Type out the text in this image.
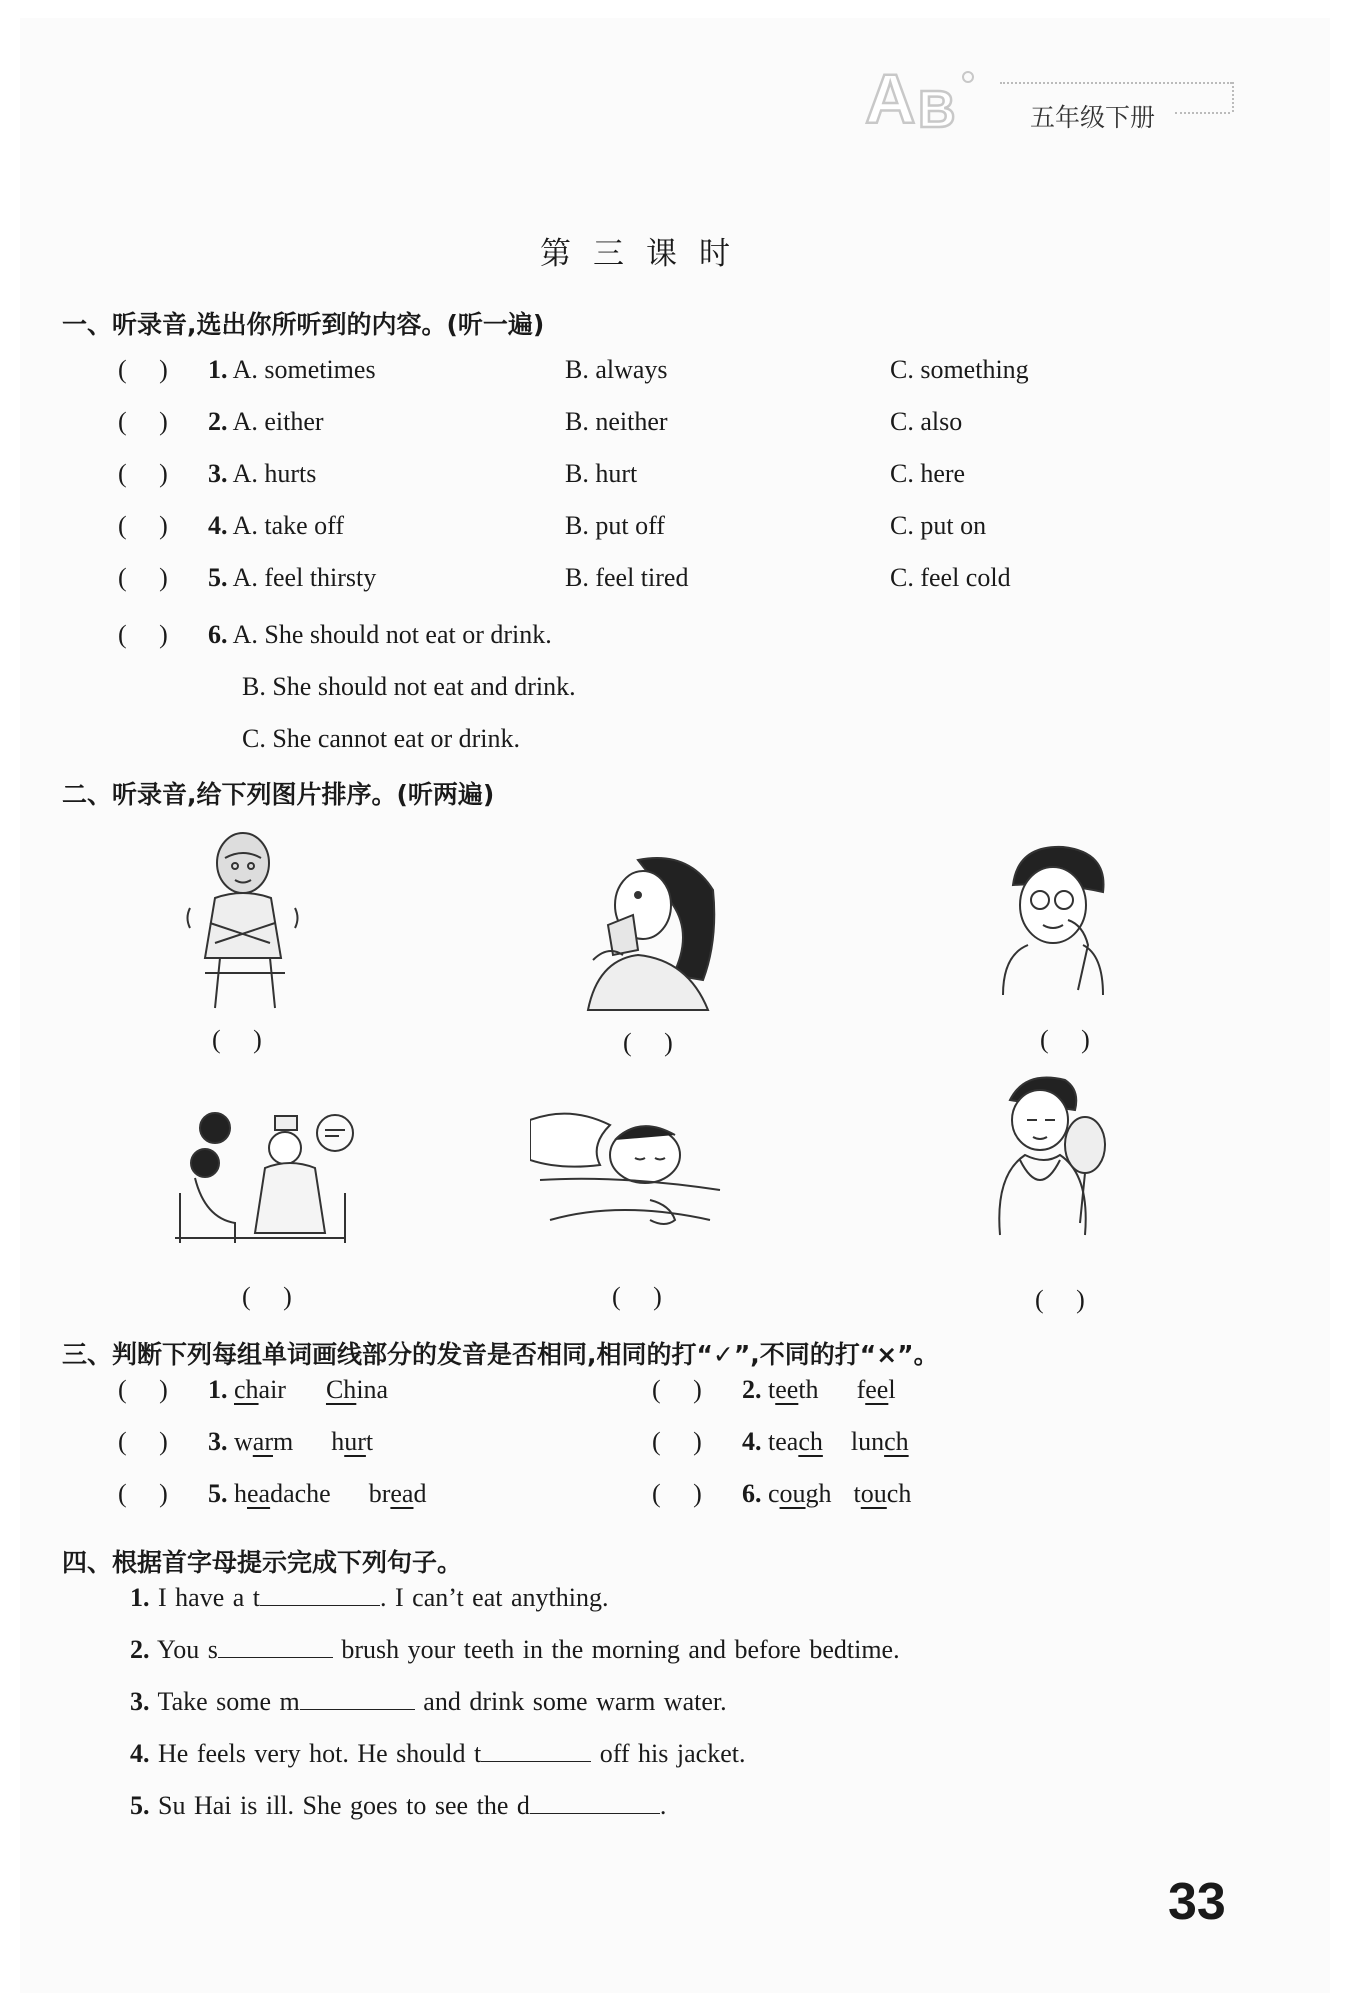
A B	五年级下册
第三课时
一、听录音,选出你所听到的内容。(听一遍)
(     ) 1. A. sometimes	B. always	C. something
(     ) 2. A. either	B. neither	C. also
(     ) 3. A. hurts	B. hurt	C. here
(     ) 4. A. take off	B. put off	C. put on
(     ) 5. A. feel thirsty	B. feel tired	C. feel cold
(     ) 6. A. She should not eat or drink.
B. She should not eat and drink.
C. She cannot eat or drink.
二、听录音,给下列图片排序。(听两遍)
(     )	(     )	(     )
(     )	(     )	(     )
三、判断下列每组单词画线部分的发音是否相同,相同的打“✓”,不同的打“×”。
(     ) 1. chair China	(     ) 2. teeth feel
(     ) 3. warm hurt	(     ) 4. teach lunch
(     ) 5. headache bread	(     ) 6. cough touch
四、根据首字母提示完成下列句子。
1. I have a t	. I can’t eat anything.
2. You s	brush your teeth in the morning and before bedtime.
3. Take some m	and drink some warm water.
4. He feels very hot. He should t	off his jacket.
5. Su Hai is ill. She goes to see the d	.
33
